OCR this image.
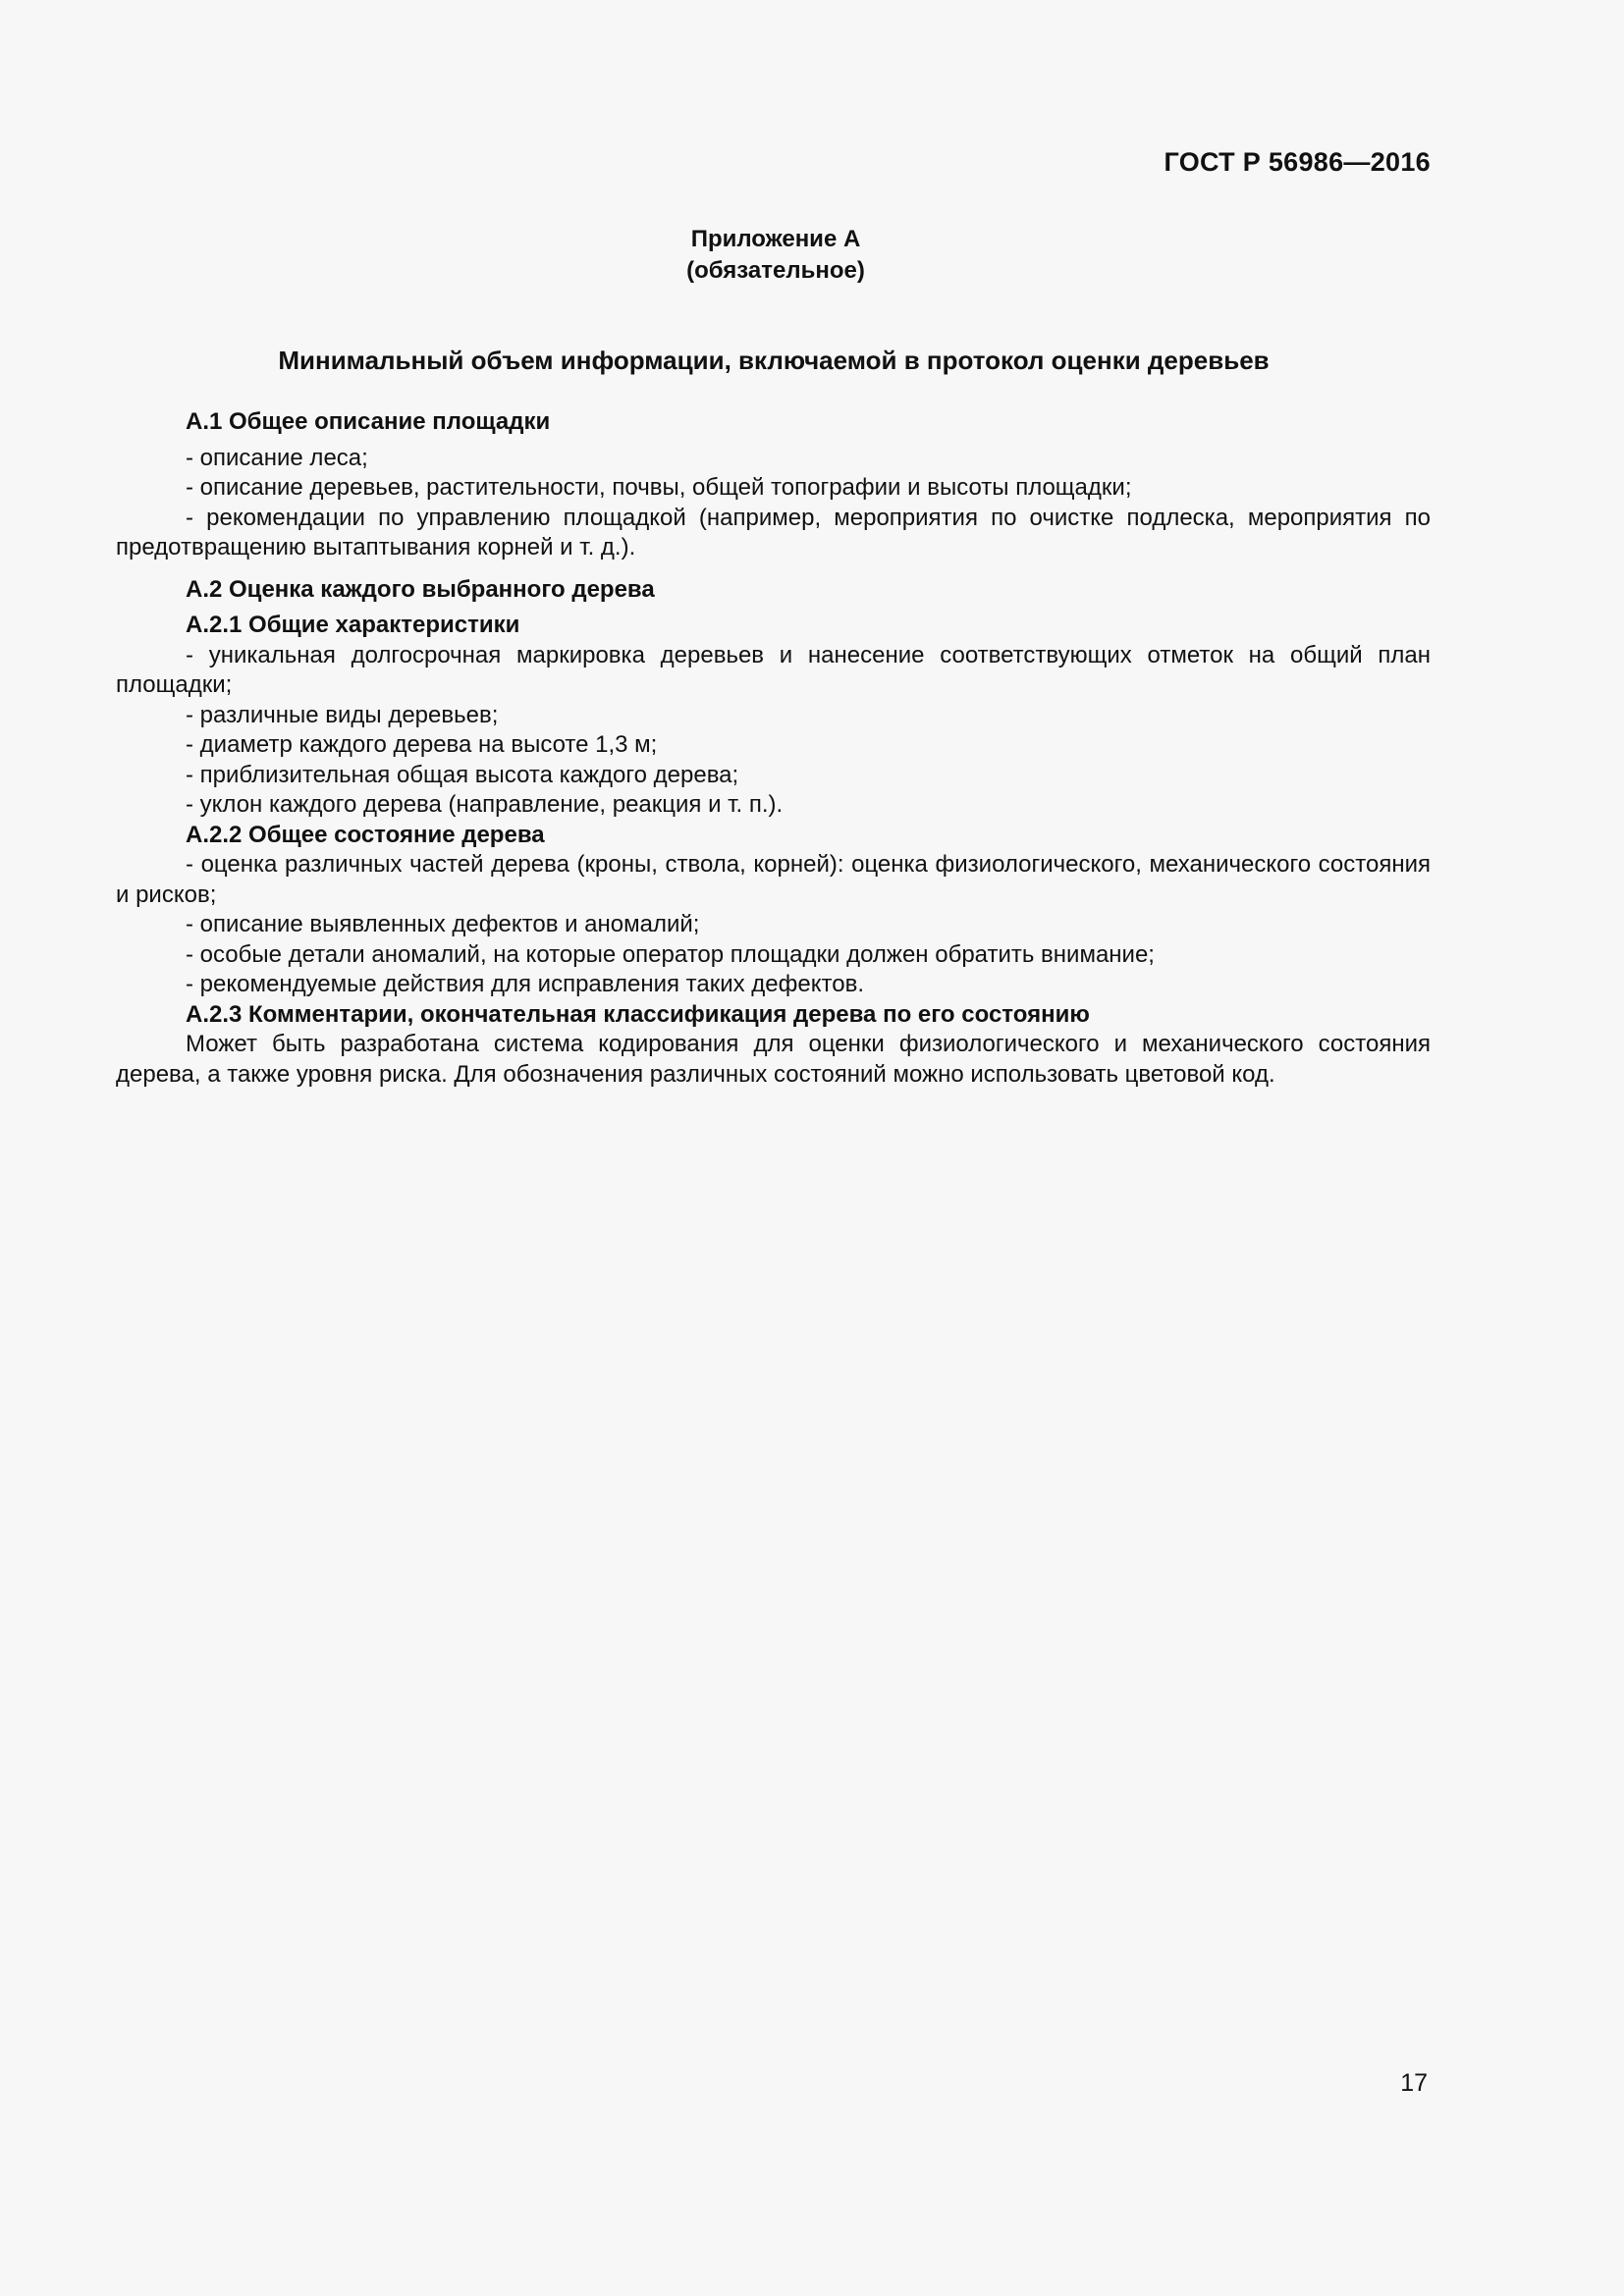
ГОСТ Р 56986—2016
Приложение А
(обязательное)
Минимальный объем информации, включаемой в протокол оценки деревьев

А.1 Общее описание площадки

- описание леса;

- описание деревьев, растительности, почвы, общей топографии и высоты площадки;

- рекомендации по управлению площадкой (например, мероприятия по очистке подлеска, мероприятия по предотвращению вытаптывания корней и т. д.).

А.2 Оценка каждого выбранного дерева

А.2.1 Общие характеристики

- уникальная долгосрочная маркировка деревьев и нанесение соответствующих отметок на общий план площадки;

- различные виды деревьев;

- диаметр каждого дерева на высоте 1,3 м;

- приблизительная общая высота каждого дерева;

- уклон каждого дерева (направление, реакция и т. п.).

А.2.2 Общее состояние дерева

- оценка различных частей дерева (кроны, ствола, корней): оценка физиологического, механического состояния и рисков;

- описание выявленных дефектов и аномалий;

- особые детали аномалий, на которые оператор площадки должен обратить внимание;

- рекомендуемые действия для исправления таких дефектов.

А.2.3 Комментарии, окончательная классификация дерева по его состоянию

Может быть разработана система кодирования для оценки физиологического и механического состояния дерева, а также уровня риска. Для обозначения различных состояний можно использовать цветовой код.

17
